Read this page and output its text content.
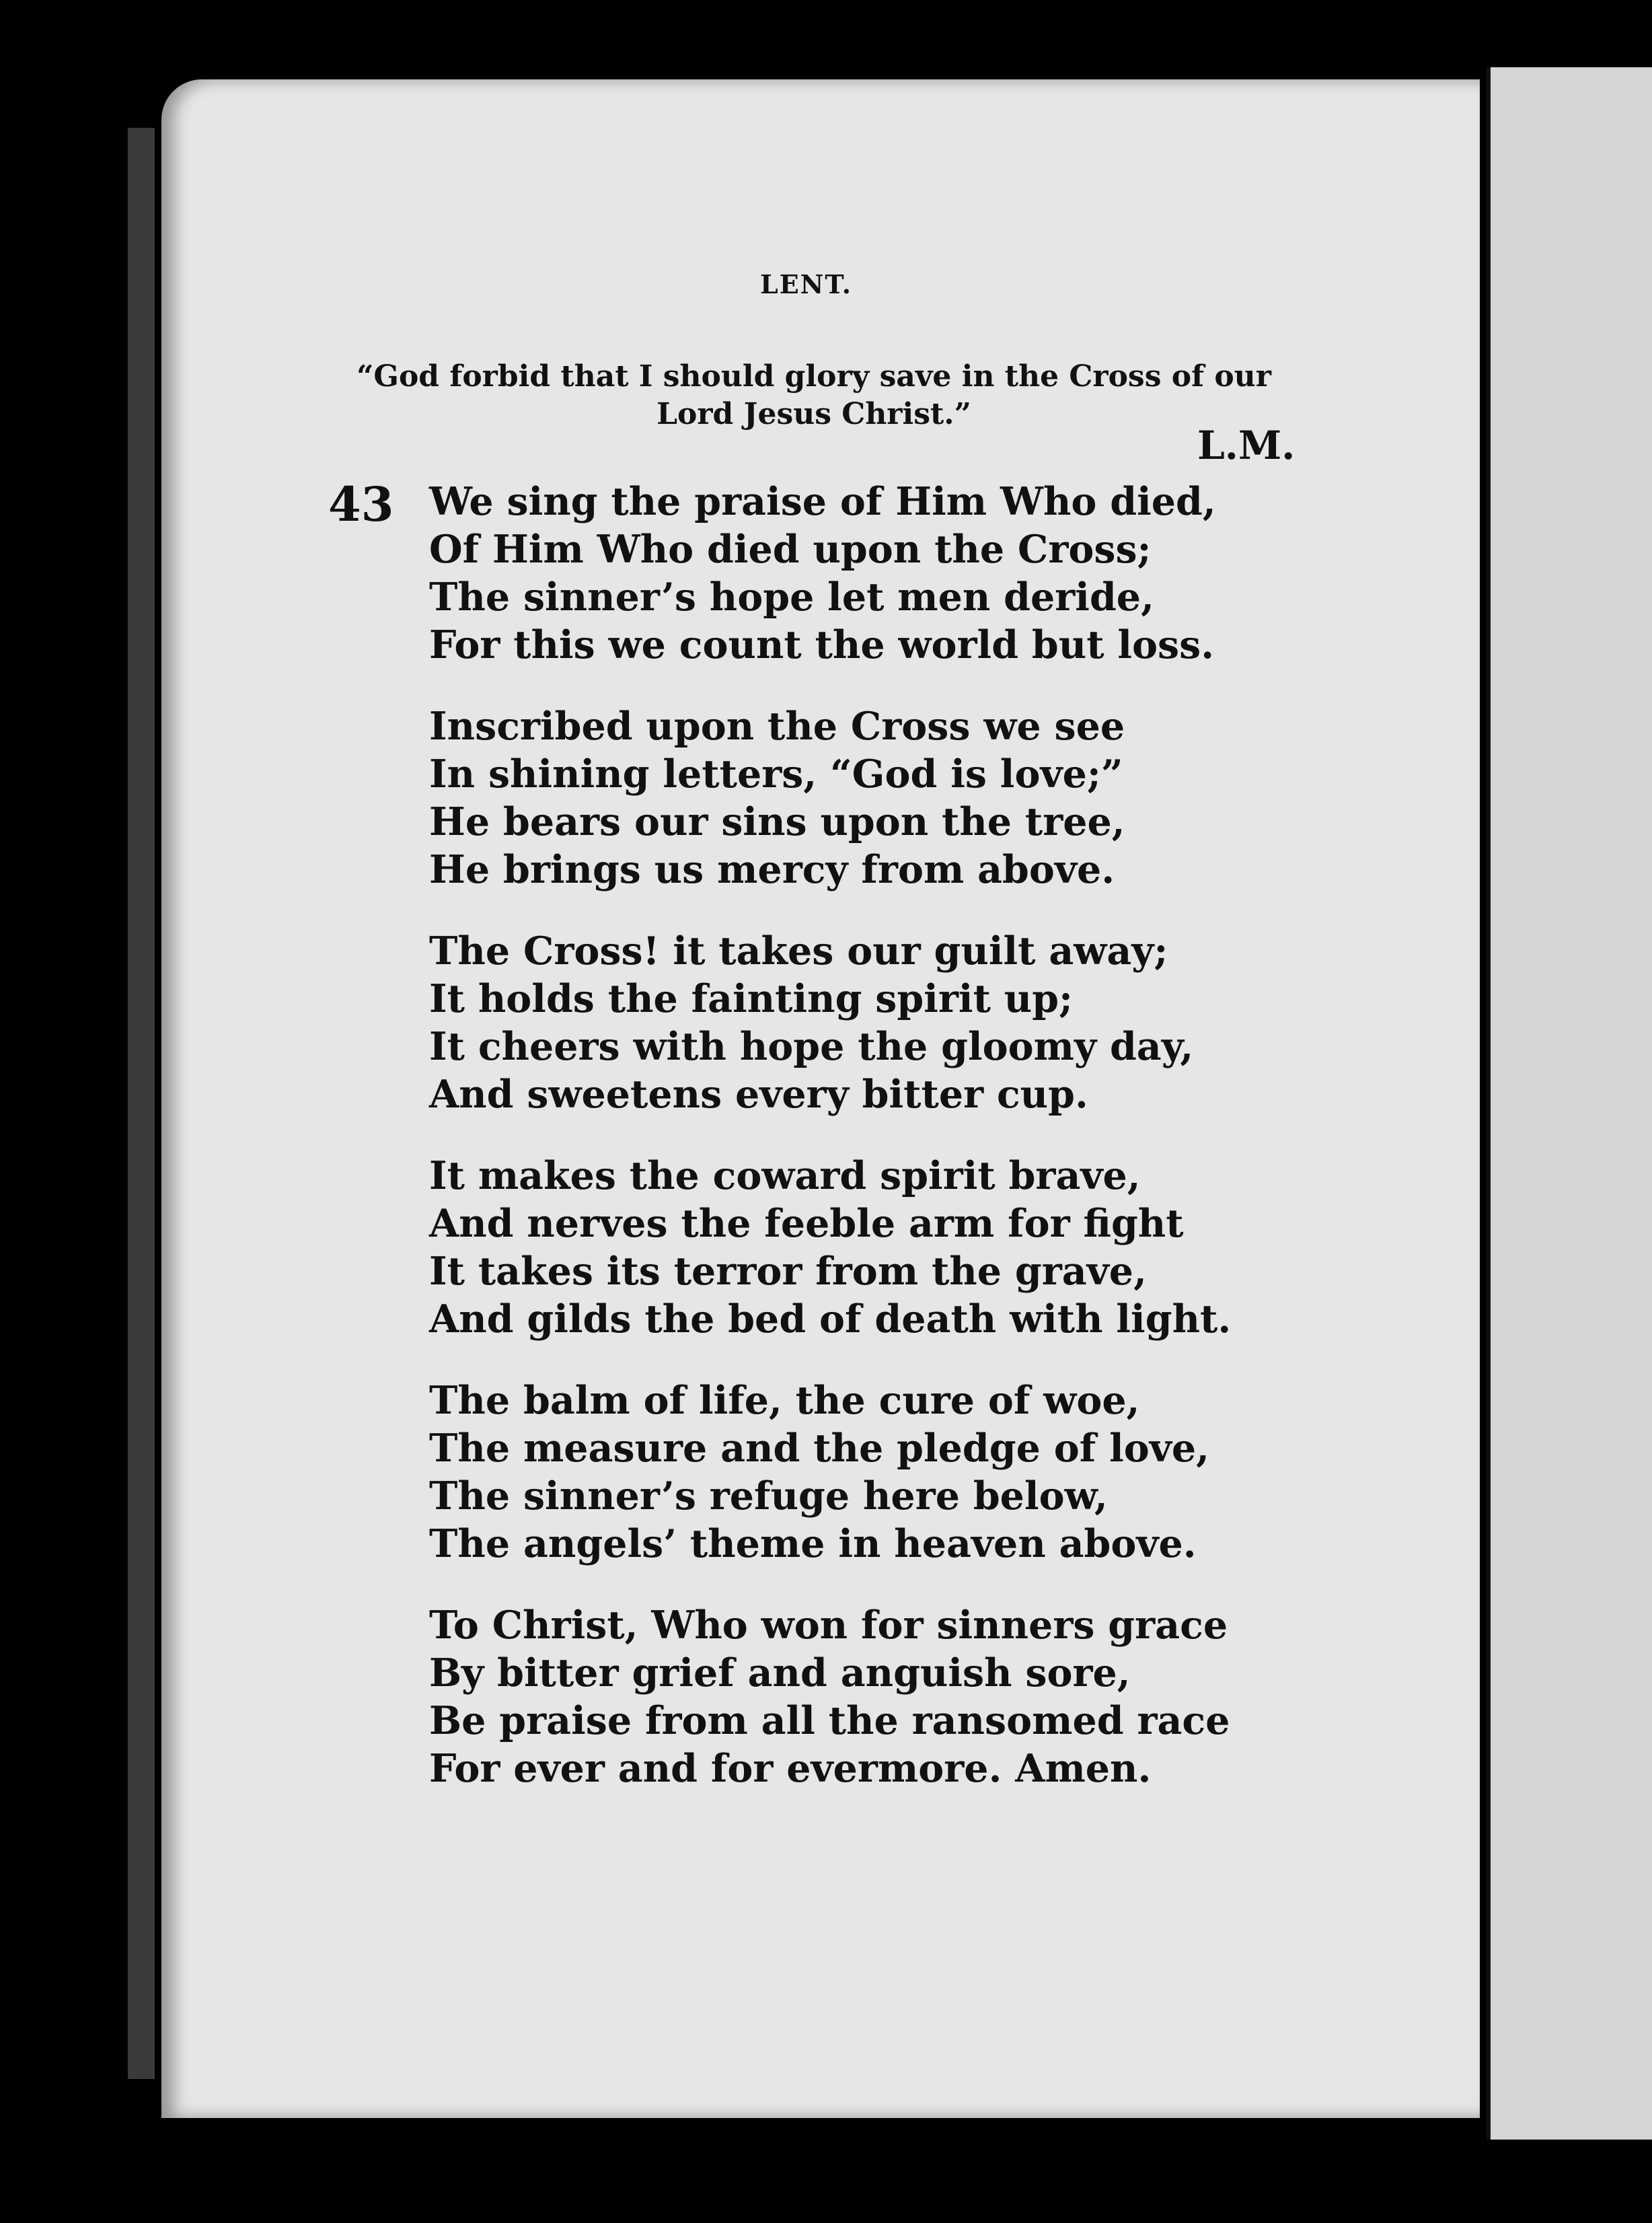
LENT.
“God forbid that I should glory save in the Cross of our
Lord Jesus Christ.”
L.M.
43 We sing the praise of Him Who died,
Of Him Who died upon the Cross;
The sinner’s hope let men deride,
For this we count the world but loss.
Inscribed upon the Cross we see
In shining letters, “God is love;”
He bears our sins upon the tree,
He brings us mercy from above.
The Cross! it takes our guilt away;
It holds the fainting spirit up;
It cheers with hope the gloomy day,
And sweetens every bitter cup.
It makes the coward spirit brave,
And nerves the feeble arm for fight
It takes its terror from the grave,
And gilds the bed of death with light.
The balm of life, the cure of woe,
The measure and the pledge of love,
The sinner’s refuge here below,
The angels’ theme in heaven above.
To Christ, Who won for sinners grace
By bitter grief and anguish sore,
Be praise from all the ransomed race
For ever and for evermore. Amen.
